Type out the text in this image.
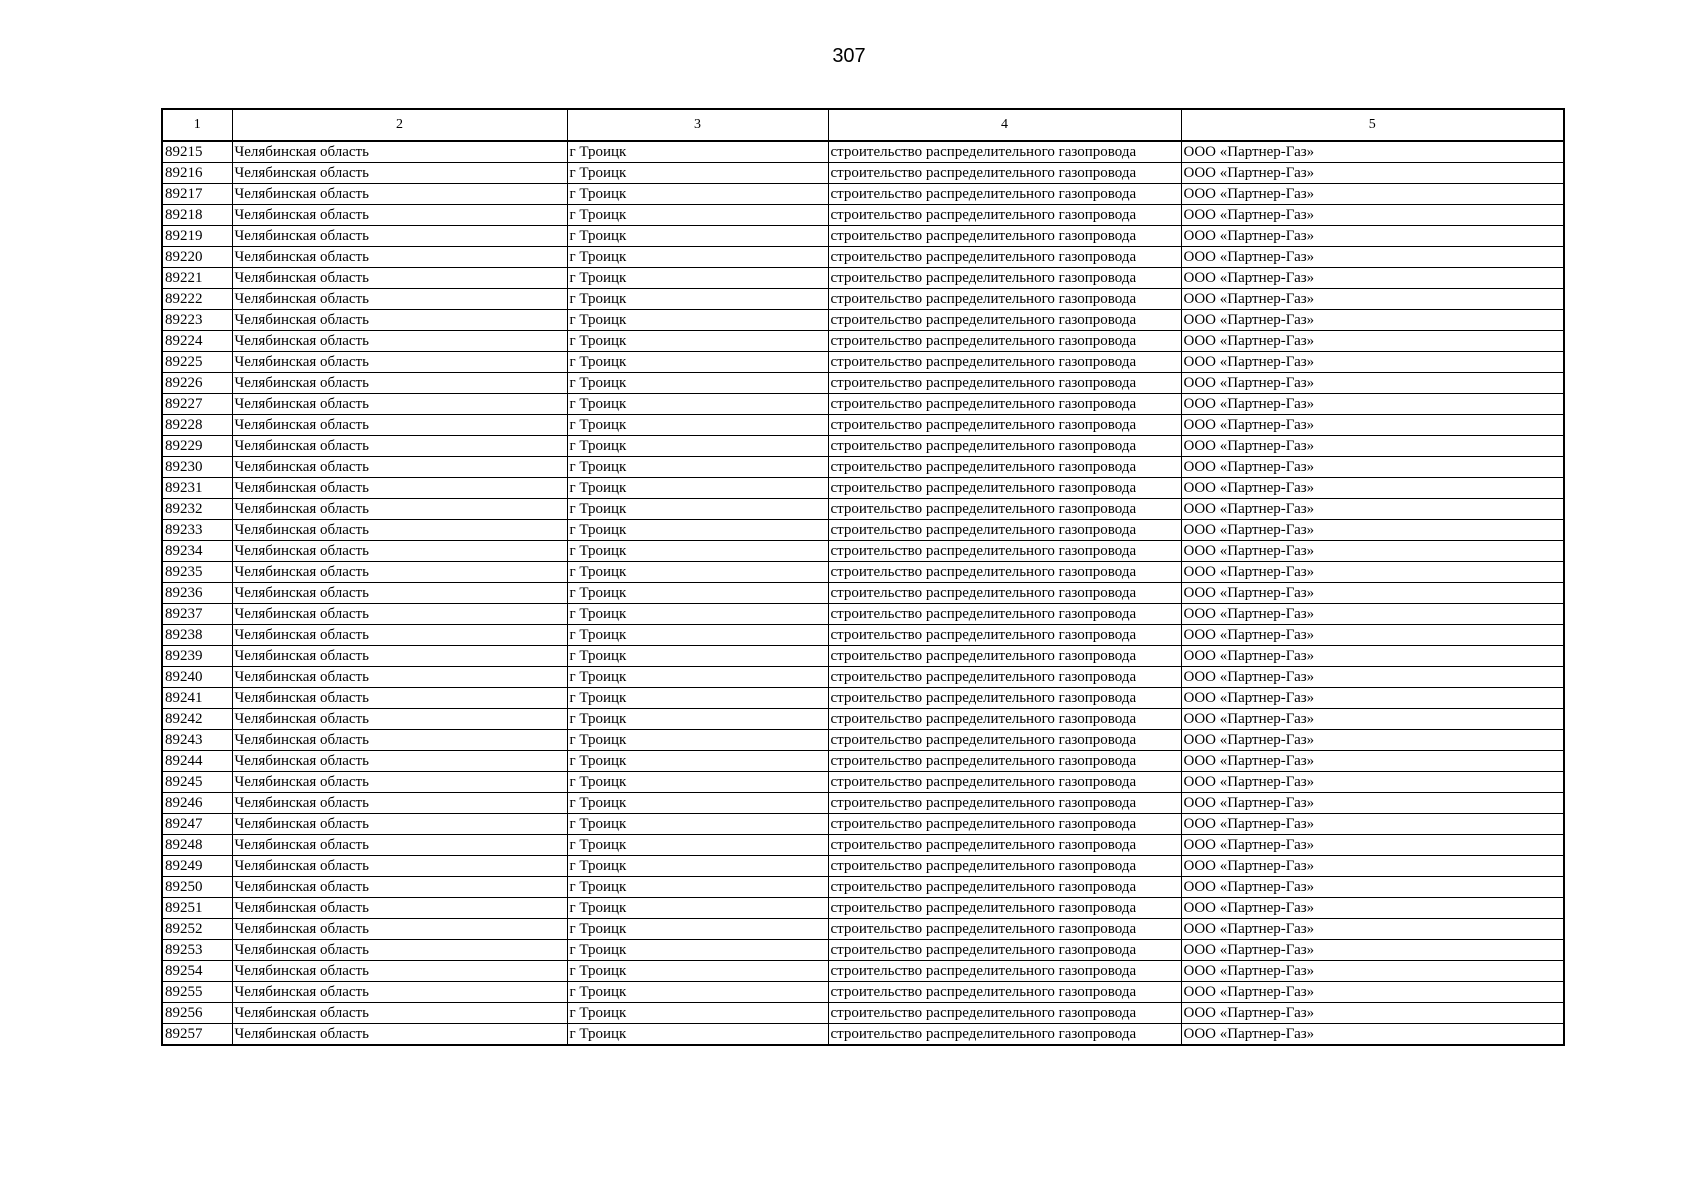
307
1	2	3	4	5
89215	Челябинская область	г Троицк	строительство распределительного газопровода	ООО «Партнер-Газ»
89216	Челябинская область	г Троицк	строительство распределительного газопровода	ООО «Партнер-Газ»
89217	Челябинская область	г Троицк	строительство распределительного газопровода	ООО «Партнер-Газ»
89218	Челябинская область	г Троицк	строительство распределительного газопровода	ООО «Партнер-Газ»
89219	Челябинская область	г Троицк	строительство распределительного газопровода	ООО «Партнер-Газ»
89220	Челябинская область	г Троицк	строительство распределительного газопровода	ООО «Партнер-Газ»
89221	Челябинская область	г Троицк	строительство распределительного газопровода	ООО «Партнер-Газ»
89222	Челябинская область	г Троицк	строительство распределительного газопровода	ООО «Партнер-Газ»
89223	Челябинская область	г Троицк	строительство распределительного газопровода	ООО «Партнер-Газ»
89224	Челябинская область	г Троицк	строительство распределительного газопровода	ООО «Партнер-Газ»
89225	Челябинская область	г Троицк	строительство распределительного газопровода	ООО «Партнер-Газ»
89226	Челябинская область	г Троицк	строительство распределительного газопровода	ООО «Партнер-Газ»
89227	Челябинская область	г Троицк	строительство распределительного газопровода	ООО «Партнер-Газ»
89228	Челябинская область	г Троицк	строительство распределительного газопровода	ООО «Партнер-Газ»
89229	Челябинская область	г Троицк	строительство распределительного газопровода	ООО «Партнер-Газ»
89230	Челябинская область	г Троицк	строительство распределительного газопровода	ООО «Партнер-Газ»
89231	Челябинская область	г Троицк	строительство распределительного газопровода	ООО «Партнер-Газ»
89232	Челябинская область	г Троицк	строительство распределительного газопровода	ООО «Партнер-Газ»
89233	Челябинская область	г Троицк	строительство распределительного газопровода	ООО «Партнер-Газ»
89234	Челябинская область	г Троицк	строительство распределительного газопровода	ООО «Партнер-Газ»
89235	Челябинская область	г Троицк	строительство распределительного газопровода	ООО «Партнер-Газ»
89236	Челябинская область	г Троицк	строительство распределительного газопровода	ООО «Партнер-Газ»
89237	Челябинская область	г Троицк	строительство распределительного газопровода	ООО «Партнер-Газ»
89238	Челябинская область	г Троицк	строительство распределительного газопровода	ООО «Партнер-Газ»
89239	Челябинская область	г Троицк	строительство распределительного газопровода	ООО «Партнер-Газ»
89240	Челябинская область	г Троицк	строительство распределительного газопровода	ООО «Партнер-Газ»
89241	Челябинская область	г Троицк	строительство распределительного газопровода	ООО «Партнер-Газ»
89242	Челябинская область	г Троицк	строительство распределительного газопровода	ООО «Партнер-Газ»
89243	Челябинская область	г Троицк	строительство распределительного газопровода	ООО «Партнер-Газ»
89244	Челябинская область	г Троицк	строительство распределительного газопровода	ООО «Партнер-Газ»
89245	Челябинская область	г Троицк	строительство распределительного газопровода	ООО «Партнер-Газ»
89246	Челябинская область	г Троицк	строительство распределительного газопровода	ООО «Партнер-Газ»
89247	Челябинская область	г Троицк	строительство распределительного газопровода	ООО «Партнер-Газ»
89248	Челябинская область	г Троицк	строительство распределительного газопровода	ООО «Партнер-Газ»
89249	Челябинская область	г Троицк	строительство распределительного газопровода	ООО «Партнер-Газ»
89250	Челябинская область	г Троицк	строительство распределительного газопровода	ООО «Партнер-Газ»
89251	Челябинская область	г Троицк	строительство распределительного газопровода	ООО «Партнер-Газ»
89252	Челябинская область	г Троицк	строительство распределительного газопровода	ООО «Партнер-Газ»
89253	Челябинская область	г Троицк	строительство распределительного газопровода	ООО «Партнер-Газ»
89254	Челябинская область	г Троицк	строительство распределительного газопровода	ООО «Партнер-Газ»
89255	Челябинская область	г Троицк	строительство распределительного газопровода	ООО «Партнер-Газ»
89256	Челябинская область	г Троицк	строительство распределительного газопровода	ООО «Партнер-Газ»
89257	Челябинская область	г Троицк	строительство распределительного газопровода	ООО «Партнер-Газ»
